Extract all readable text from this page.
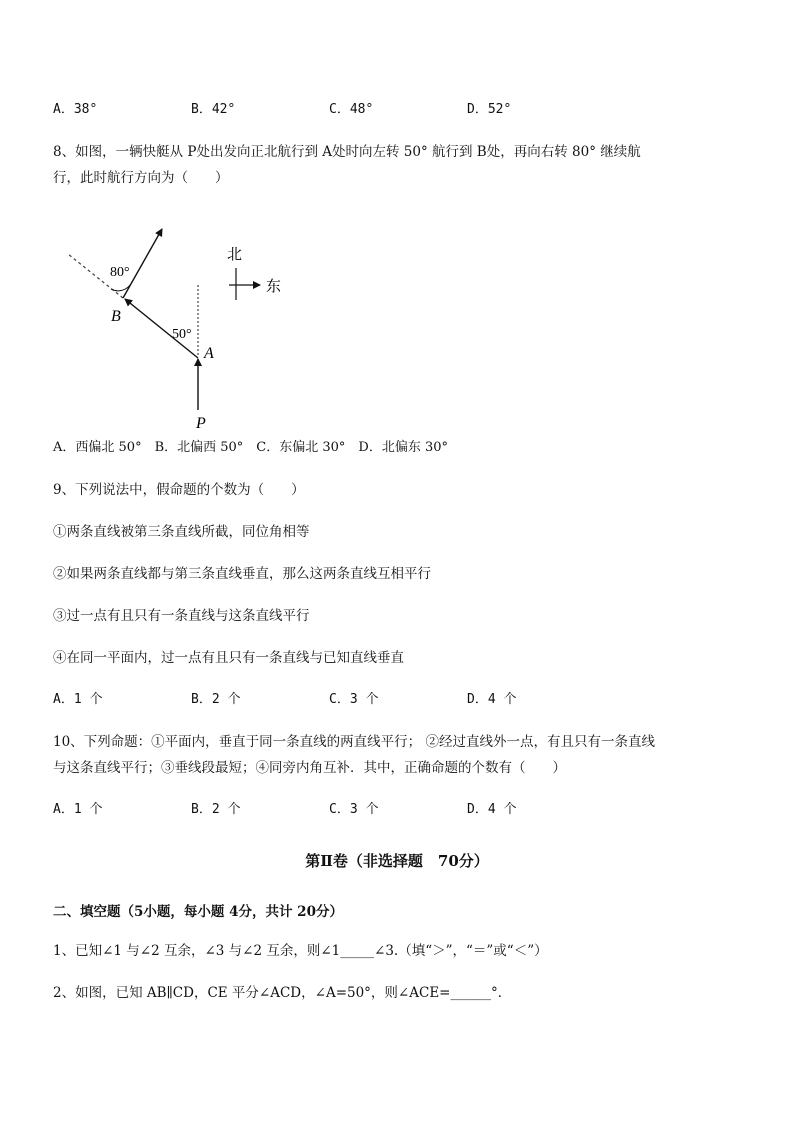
A．38°	B．42°	C．48°	D．52°
8、如图，一辆快艇从 P处出发向正北航行到 A处时向左转 50° 航行到 B处，再向右转 80° 继续航
行，此时航行方向为（　　）
80°
50°
B
A
P
北
东
A．西偏北 50°　B．北偏西 50°　C．东偏北 30°　D．北偏东 30°
9、下列说法中，假命题的个数为（　　）
①两条直线被第三条直线所截，同位角相等
②如果两条直线都与第三条直线垂直，那么这两条直线互相平行
③过一点有且只有一条直线与这条直线平行
④在同一平面内，过一点有且只有一条直线与已知直线垂直
A．1 个	B．2 个	C．3 个	D．4 个
10、下列命题：①平面内，垂直于同一条直线的两直线平行； ②经过直线外一点，有且只有一条直线
与这条直线平行；③垂线段最短；④同旁内角互补．其中，正确命题的个数有（　　）
A．1 个	B．2 个	C．3 个	D．4 个
第Ⅱ卷（非选择题　70分）
二、填空题（5小题，每小题 4分，共计 20分）
1、已知∠1 与∠2 互余，∠3 与∠2 互余，则∠1_____∠3.（填“＞”，“＝”或“＜”）
2、如图，已知 AB∥CD，CE 平分∠ACD，∠A=50°，则∠ACE=______°．
